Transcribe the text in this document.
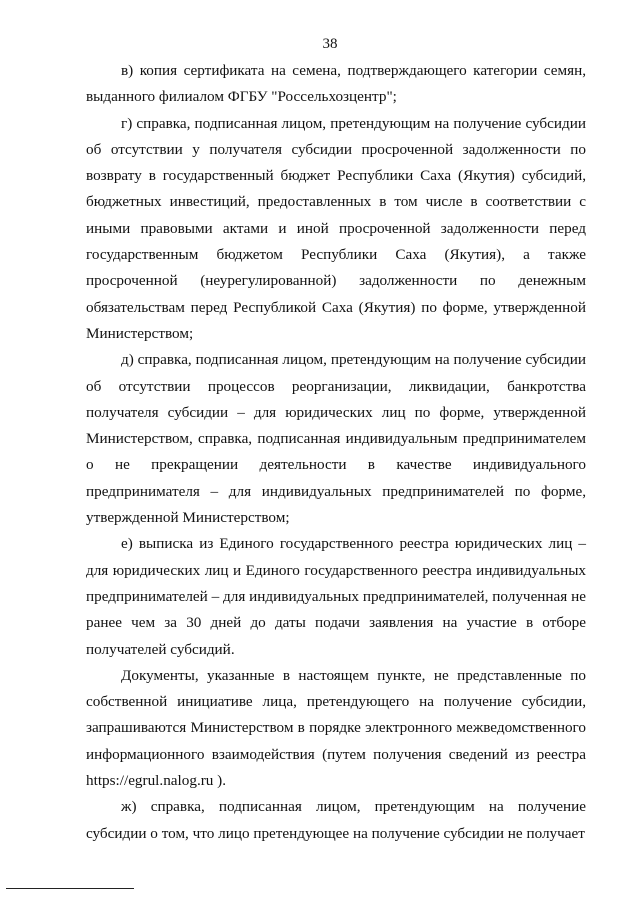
38

в) копия сертификата на семена, подтверждающего категории семян, выданного филиалом ФГБУ "Россельхозцентр";

г) справка, подписанная лицом, претендующим на получение субсидии об отсутствии у получателя субсидии просроченной задолженности по возврату в государственный бюджет Республики Саха (Якутия) субсидий, бюджетных инвестиций, предоставленных в том числе в соответствии с иными правовыми актами и иной просроченной задолженности перед государственным бюджетом Республики Саха (Якутия), а также просроченной (неурегулированной) задолженности по денежным обязательствам перед Республикой Саха (Якутия) по форме, утвержденной Министерством;

д) справка, подписанная лицом, претендующим на получение субсидии об отсутствии процессов реорганизации, ликвидации, банкротства получателя субсидии – для юридических лиц по форме, утвержденной Министерством, справка, подписанная индивидуальным предпринимателем о не прекращении деятельности в качестве индивидуального предпринимателя – для индивидуальных предпринимателей по форме, утвержденной Министерством;

е) выписка из Единого государственного реестра юридических лиц – для юридических лиц и Единого государственного реестра индивидуальных предпринимателей – для индивидуальных предпринимателей, полученная не ранее чем за 30 дней до даты подачи заявления на участие в отборе получателей субсидий.

Документы, указанные в настоящем пункте, не представленные по собственной инициативе лица, претендующего на получение субсидии, запрашиваются Министерством в порядке электронного межведомственного информационного взаимодействия (путем получения сведений из реестра https://egrul.nalog.ru ).

ж) справка, подписанная лицом, претендующим на получение субсидии о том, что лицо претендующее на получение субсидии не получает
